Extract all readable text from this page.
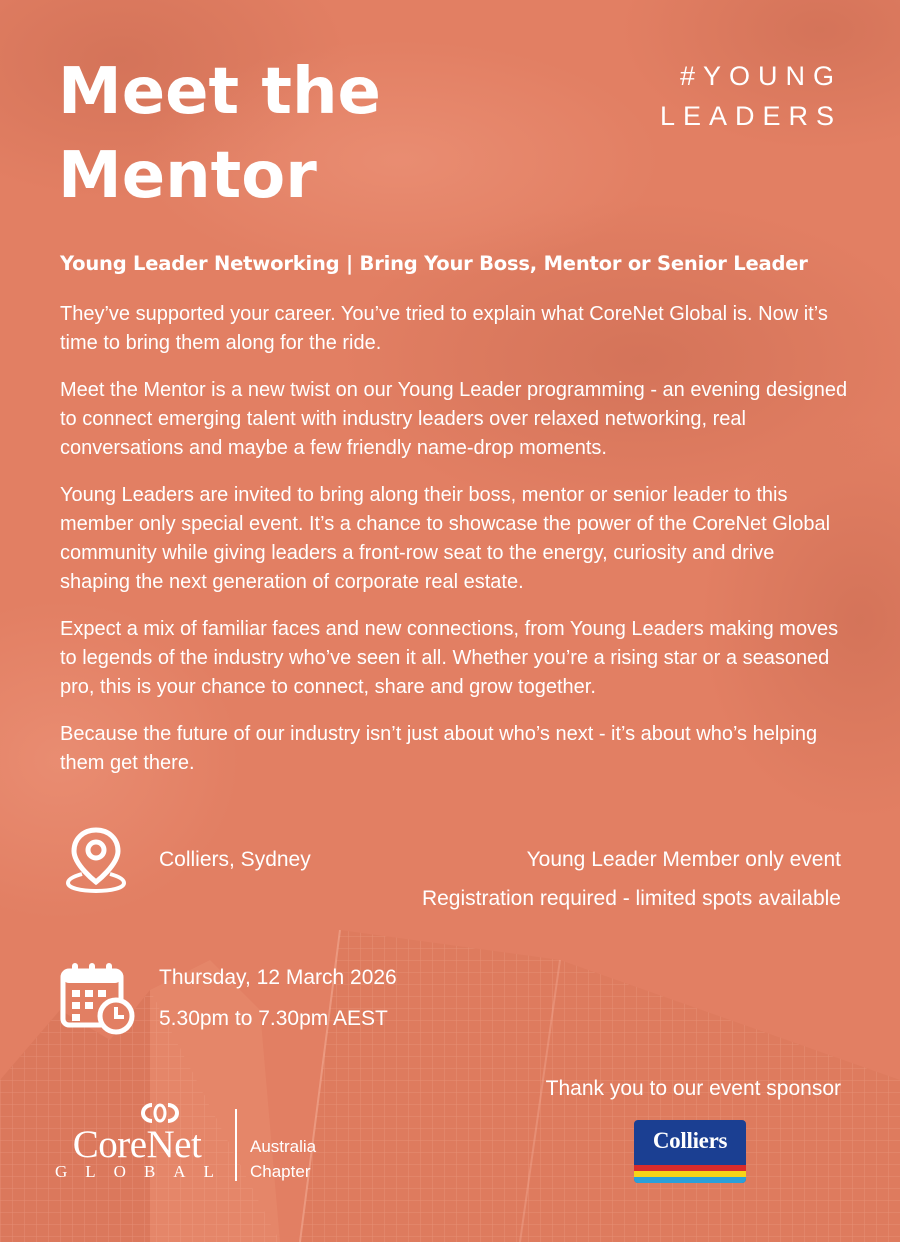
Meet the
Mentor
#YOUNG
LEADERS
Young Leader Networking | Bring Your Boss, Mentor or Senior Leader

They’ve supported your career. You’ve tried to explain what CoreNet Global is. Now it’s time to bring them along for the ride.

Meet the Mentor is a new twist on our Young Leader programming - an evening designed to connect emerging talent with industry leaders over relaxed networking, real conversations and maybe a few friendly name-drop moments.

Young Leaders are invited to bring along their boss, mentor or senior leader to this member only special event. It’s a chance to showcase the power of the CoreNet Global community while giving leaders a front-row seat to the energy, curiosity and drive shaping the next generation of corporate real estate.

Expect a mix of familiar faces and new connections, from Young Leaders making moves to legends of the industry who’ve seen it all. Whether you’re a rising star or a seasoned pro, this is your chance to connect, share and grow together.

Because the future of our industry isn’t just about who’s next - it’s about who’s helping them get there.

Colliers, Sydney	Young Leader Member only event
Registration required - limited spots available
Thursday, 12 March 2026
5.30pm to 7.30pm AEST
Thank you to our event sponsor
CoreNet
GLOBAL
Australia
Chapter
Colliers
